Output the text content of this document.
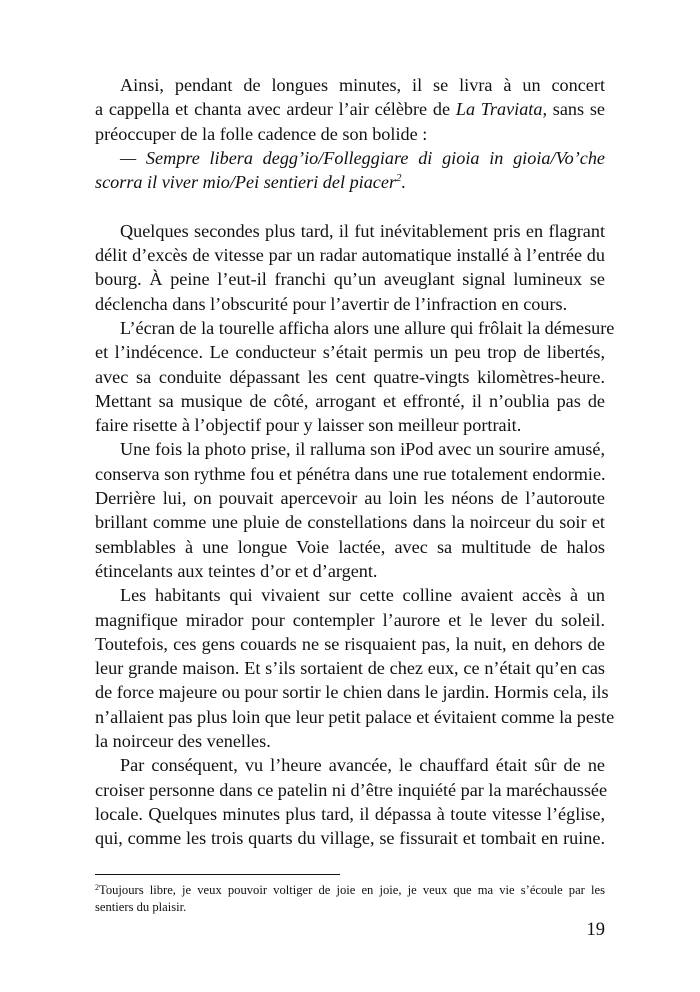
Ainsi, pendant de longues minutes, il se livra à un concert
a cappella et chanta avec ardeur l’air célèbre de La Traviata, sans se
préoccuper de la folle cadence de son bolide :
— Sempre libera degg’io/Folleggiare di gioia in gioia/Vo’che
scorra il viver mio/Pei sentieri del piacer$^2$.
Quelques secondes plus tard, il fut inévitablement pris en flagrant
délit d’excès de vitesse par un radar automatique installé à l’entrée du
bourg. À peine l’eut-il franchi qu’un aveuglant signal lumineux se
déclencha dans l’obscurité pour l’avertir de l’infraction en cours.
L’écran de la tourelle afficha alors une allure qui frôlait la démesure
et l’indécence. Le conducteur s’était permis un peu trop de libertés,
avec sa conduite dépassant les cent quatre-vingts kilomètres-heure.
Mettant sa musique de côté, arrogant et effronté, il n’oublia pas de
faire risette à l’objectif pour y laisser son meilleur portrait.
Une fois la photo prise, il ralluma son iPod avec un sourire amusé,
conserva son rythme fou et pénétra dans une rue totalement endormie.
Derrière lui, on pouvait apercevoir au loin les néons de l’autoroute
brillant comme une pluie de constellations dans la noirceur du soir et
semblables à une longue Voie lactée, avec sa multitude de halos
étincelants aux teintes d’or et d’argent.
Les habitants qui vivaient sur cette colline avaient accès à un
magnifique mirador pour contempler l’aurore et le lever du soleil.
Toutefois, ces gens couards ne se risquaient pas, la nuit, en dehors de
leur grande maison. Et s’ils sortaient de chez eux, ce n’était qu’en cas
de force majeure ou pour sortir le chien dans le jardin. Hormis cela, ils
n’allaient pas plus loin que leur petit palace et évitaient comme la peste
la noirceur des venelles.
Par conséquent, vu l’heure avancée, le chauffard était sûr de ne
croiser personne dans ce patelin ni d’être inquiété par la maréchaussée
locale. Quelques minutes plus tard, il dépassa à toute vitesse l’église,
qui, comme les trois quarts du village, se fissurait et tombait en ruine.
$^2$Toujours libre, je veux pouvoir voltiger de joie en joie, je veux que ma vie s’écoule par les
sentiers du plaisir.
19
